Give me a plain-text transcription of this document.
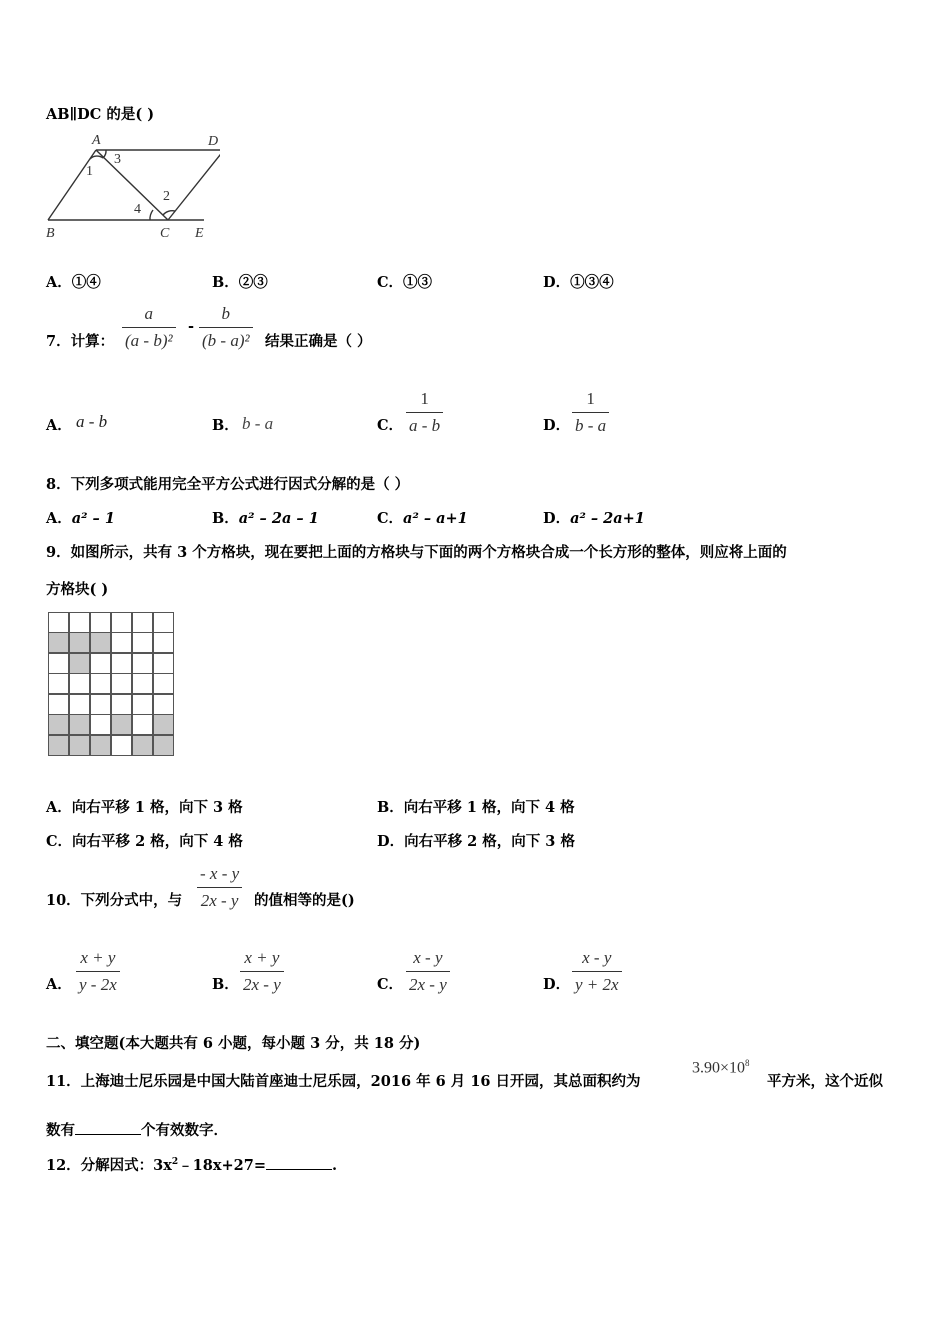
AB∥DC 的是( )
A	D
B	C E
1
2
3
4
A．①④	B．②③	C．①③	D．①③④
7．计算：
a
(a - b)²
-
b
(b - a)² 结果正确是（ ）
A． a - b	B． b - a	C．
1
a - b	D．
1
b - a
8．下列多项式能用完全平方公式进行因式分解的是（ ）
A．a² – 1	B．a² – 2a – 1	C．a² – a+1	D．a² – 2a+1
9．如图所示，共有 3 个方格块，现在要把上面的方格块与下面的两个方格块合成一个长方形的整体，则应将上面的
方格块( )
A．向右平移 1 格，向下 3 格	B．向右平移 1 格，向下 4 格
C．向右平移 2 格，向下 4 格	D．向右平移 2 格，向下 3 格
10．下列分式中，与
- x - y
2x - y 的值相等的是()
A．
x + y
y - 2x	B．
x + y
2x - y	C．
x - y
2x - y	D．
x - y
y + 2x
二、填空题(本大题共有 6 小题，每小题 3 分，共 18 分)
11．上海迪士尼乐园是中国大陆首座迪士尼乐园，2016 年 6 月 16 日开园，其总面积约为
$3.90\times 10^8$
平方米，这个近似
数有	个有效数字．
12．分解因式：$3x^2﹣18x+27=$	.
